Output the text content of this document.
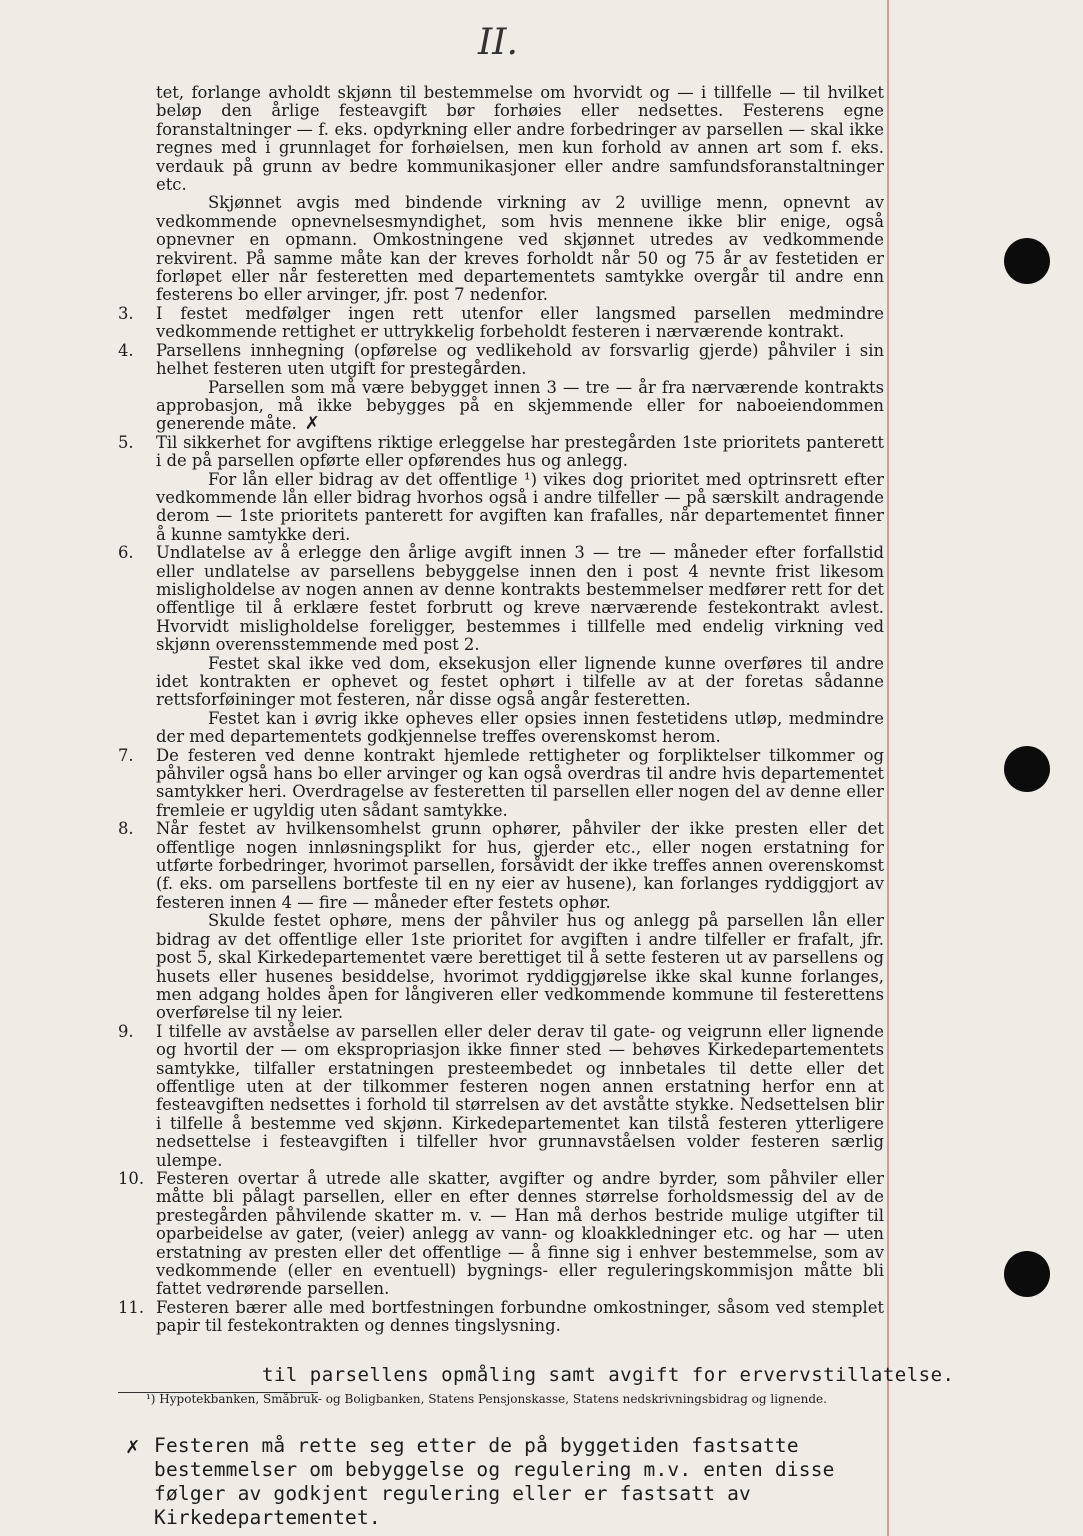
II.

tet, forlange avholdt skjønn til bestemmelse om hvorvidt og — i tillfelle — til hvilket beløp den årlige festeavgift bør forhøies eller nedsettes. Festerens egne foranstaltninger — f. eks. opdyrkning eller andre forbedringer av parsellen — skal ikke regnes med i grunnlaget for forhøielsen, men kun forhold av annen art som f. eks. verdauk på grunn av bedre kommunikasjoner eller andre samfundsforanstaltninger etc.

Skjønnet avgis med bindende virkning av 2 uvillige menn, opnevnt av vedkommende opnevnelsesmyndighet, som hvis mennene ikke blir enige, også opnevner en opmann. Omkostningene ved skjønnet utredes av vedkommende rekvirent. På samme måte kan der kreves forholdt når 50 og 75 år av festetiden er forløpet eller når festeretten med departementets samtykke overgår til andre enn festerens bo eller arvinger, jfr. post 7 nedenfor.

3.	I festet medfølger ingen rett utenfor eller langsmed parsellen medmindre vedkommende rettighet er uttrykkelig forbeholdt festeren i nærværende kontrakt.

4.	Parsellens innhegning (opførelse og vedlikehold av forsvarlig gjerde) påhviler i sin helhet festeren uten utgift for prestegården.

Parsellen som må være bebygget innen 3 — tre — år fra nærværende kontrakts approbasjon, må ikke bebygges på en skjemmende eller for naboeiendommen generende måte. ✗

5.	Til sikkerhet for avgiftens riktige erleggelse har prestegården 1ste prioritets panterett i de på parsellen opførte eller opførendes hus og anlegg.

For lån eller bidrag av det offentlige ¹) vikes dog prioritet med optrinsrett efter vedkommende lån eller bidrag hvorhos også i andre tilfeller — på særskilt andragende derom — 1ste prioritets panterett for avgiften kan frafalles, når departementet finner å kunne samtykke deri.

6.	Undlatelse av å erlegge den årlige avgift innen 3 — tre — måneder efter forfallstid eller undlatelse av parsellens bebyggelse innen den i post 4 nevnte frist likesom misligholdelse av nogen annen av denne kontrakts bestemmelser medfører rett for det offentlige til å erklære festet forbrutt og kreve nærværende festekontrakt avlest. Hvorvidt misligholdelse foreligger, bestemmes i tillfelle med endelig virkning ved skjønn overensstemmende med post 2.

Festet skal ikke ved dom, eksekusjon eller lignende kunne overføres til andre idet kontrakten er ophevet og festet ophørt i tilfelle av at der foretas sådanne rettsforføininger mot festeren, når disse også angår festeretten.

Festet kan i øvrig ikke opheves eller opsies innen festetidens utløp, medmindre der med departementets godkjennelse treffes overenskomst herom.

7.	De festeren ved denne kontrakt hjemlede rettigheter og forpliktelser tilkommer og påhviler også hans bo eller arvinger og kan også overdras til andre hvis departementet samtykker heri. Overdragelse av festeretten til parsellen eller nogen del av denne eller fremleie er ugyldig uten sådant samtykke.

8.	Når festet av hvilkensomhelst grunn ophører, påhviler der ikke presten eller det offentlige nogen innløsningsplikt for hus, gjerder etc., eller nogen erstatning for utførte forbedringer, hvorimot parsellen, forsåvidt der ikke treffes annen overenskomst (f. eks. om parsellens bortfeste til en ny eier av husene), kan forlanges ryddiggjort av festeren innen 4 — fire — måneder efter festets ophør.

Skulde festet ophøre, mens der påhviler hus og anlegg på parsellen lån eller bidrag av det offentlige eller 1ste prioritet for avgiften i andre tilfeller er frafalt, jfr. post 5, skal Kirkedepartementet være berettiget til å sette festeren ut av parsellens og husets eller husenes besiddelse, hvorimot ryddiggjørelse ikke skal kunne forlanges, men adgang holdes åpen for långiveren eller vedkommende kommune til festerettens overførelse til ny leier.

9.	I tilfelle av avståelse av parsellen eller deler derav til gate- og veigrunn eller lignende og hvortil der — om ekspropriasjon ikke finner sted — behøves Kirkedepartementets samtykke, tilfaller erstatningen presteembedet og innbetales til dette eller det offentlige uten at der tilkommer festeren nogen annen erstatning herfor enn at festeavgiften nedsettes i forhold til størrelsen av det avståtte stykke. Nedsettelsen blir i tilfelle å bestemme ved skjønn. Kirkedepartementet kan tilstå festeren ytterligere nedsettelse i festeavgiften i tilfeller hvor grunnavståelsen volder festeren særlig ulempe.

10. Festeren overtar å utrede alle skatter, avgifter og andre byrder, som påhviler eller måtte bli pålagt parsellen, eller en efter dennes størrelse forholdsmessig del av de prestegården påhvilende skatter m. v. — Han må derhos bestride mulige utgifter til oparbeidelse av gater, (veier) anlegg av vann- og kloakkledninger etc. og har — uten erstatning av presten eller det offentlige — å finne sig i enhver bestemmelse, som av vedkommende (eller en eventuell) bygnings- eller reguleringskommisjon måtte bli fattet vedrørende parsellen.

11. Festeren bærer alle med bortfestningen forbundne omkostninger, såsom ved stemplet papir til festekontrakten og dennes tingslysning.

til parsellens opmåling samt avgift for ervervstillatelse.
¹) Hypotekbanken, Småbruk- og Boligbanken, Statens Pensjonskasse, Statens nedskrivningsbidrag og lignende.
✗ Festeren må rette seg etter de på byggetiden fastsatte bestemmelser om bebyggelse og regulering m.v. enten disse følger av godkjent regulering eller er fastsatt av Kirkedepartementet.
